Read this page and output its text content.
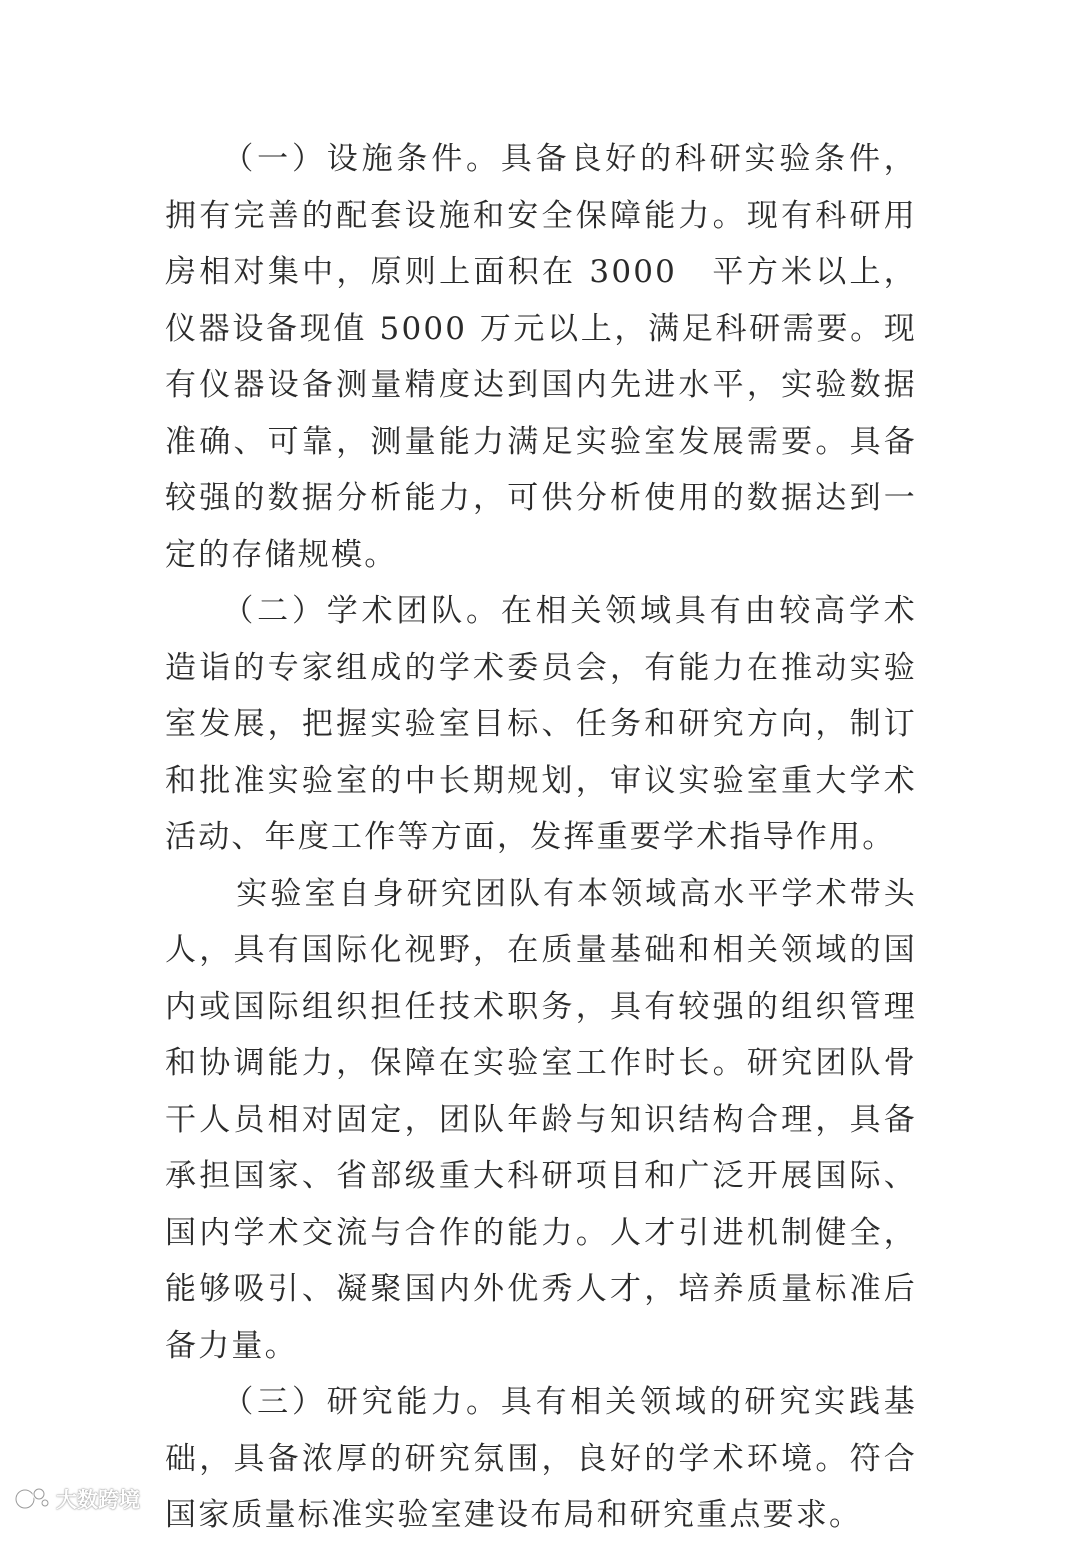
（一）设施条件。具备良好的科研实验条件，拥有完善的配套设施和安全保障能力。现有科研用房相对集中，原则上面积在 3000　平方米以上，仪器设备现值 5000 万元以上，满足科研需要。现有仪器设备测量精度达到国内先进水平，实验数据准确、可靠，测量能力满足实验室发展需要。具备较强的数据分析能力，可供分析使用的数据达到一定的存储规模。

（二）学术团队。在相关领域具有由较高学术造诣的专家组成的学术委员会，有能力在推动实验室发展，把握实验室目标、任务和研究方向，制订和批准实验室的中长期规划，审议实验室重大学术活动、年度工作等方面，发挥重要学术指导作用。

实验室自身研究团队有本领域高水平学术带头人，具有国际化视野，在质量基础和相关领域的国内或国际组织担任技术职务，具有较强的组织管理和协调能力，保障在实验室工作时长。研究团队骨干人员相对固定，团队年龄与知识结构合理，具备承担国家、省部级重大科研项目和广泛开展国际、国内学术交流与合作的能力。人才引进机制健全，能够吸引、凝聚国内外优秀人才，培养质量标准后备力量。

（三）研究能力。具有相关领域的研究实践基础，具备浓厚的研究氛围，良好的学术环境。符合国家质量标准实验室建设布局和研究重点要求。

大数跨境
